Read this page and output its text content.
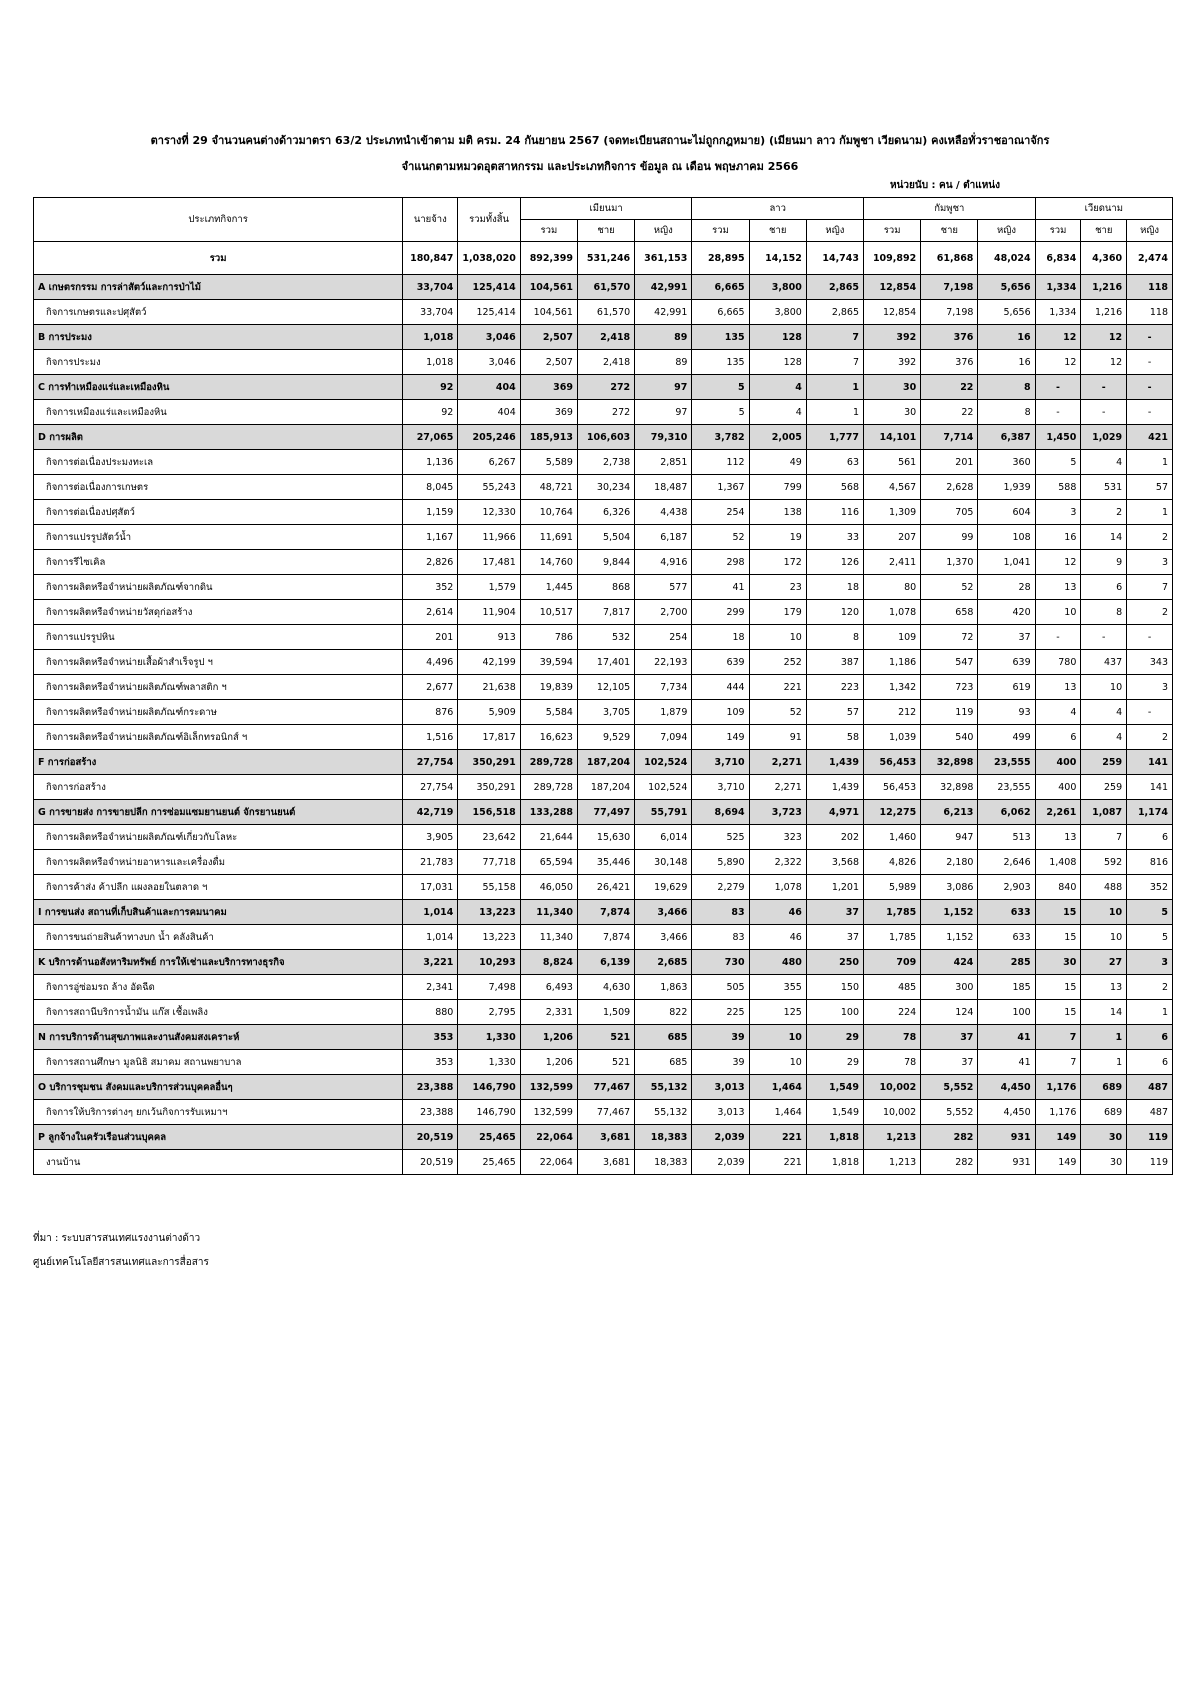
ตารางที่ 29 จำนวนคนต่างด้าวมาตรา 63/2 ประเภทนำเข้าตาม มติ ครม. 24 กันยายน 2567 (จดทะเบียนสถานะไม่ถูกกฎหมาย) (เมียนมา ลาว กัมพูชา เวียดนาม) คงเหลือทั่วราชอาณาจักร
จำแนกตามหมวดอุตสาหกรรม และประเภทกิจการ ข้อมูล ณ เดือน พฤษภาคม 2566
หน่วยนับ : คน / ตำแหน่ง
ประเภทกิจการ	นายจ้าง	รวมทั้งสิ้น	เมียนมา			ลาว			กัมพูชา			เวียดนาม		
			รวม	ชาย	หญิง	รวม	ชาย	หญิง	รวม	ชาย	หญิง	รวม	ชาย	หญิง
รวม	180,847	1,038,020	892,399	531,246	361,153	28,895	14,152	14,743	109,892	61,868	48,024	6,834	4,360	2,474
A เกษตรกรรม การล่าสัตว์และการป่าไม้	33,704	125,414	104,561	61,570	42,991	6,665	3,800	2,865	12,854	7,198	5,656	1,334	1,216	118
กิจการเกษตรและปศุสัตว์	33,704	125,414	104,561	61,570	42,991	6,665	3,800	2,865	12,854	7,198	5,656	1,334	1,216	118
B การประมง	1,018	3,046	2,507	2,418	89	135	128	7	392	376	16	12	12	-
กิจการประมง	1,018	3,046	2,507	2,418	89	135	128	7	392	376	16	12	12	-
C การทำเหมืองแร่และเหมืองหิน	92	404	369	272	97	5	4	1	30	22	8	-	-	-
กิจการเหมืองแร่และเหมืองหิน	92	404	369	272	97	5	4	1	30	22	8	-	-	-
D การผลิต	27,065	205,246	185,913	106,603	79,310	3,782	2,005	1,777	14,101	7,714	6,387	1,450	1,029	421
กิจการต่อเนื่องประมงทะเล	1,136	6,267	5,589	2,738	2,851	112	49	63	561	201	360	5	4	1
กิจการต่อเนื่องการเกษตร	8,045	55,243	48,721	30,234	18,487	1,367	799	568	4,567	2,628	1,939	588	531	57
กิจการต่อเนื่องปศุสัตว์	1,159	12,330	10,764	6,326	4,438	254	138	116	1,309	705	604	3	2	1
กิจการแปรรูปสัตว์น้ำ	1,167	11,966	11,691	5,504	6,187	52	19	33	207	99	108	16	14	2
กิจการรีไซเคิล	2,826	17,481	14,760	9,844	4,916	298	172	126	2,411	1,370	1,041	12	9	3
กิจการผลิตหรือจำหน่ายผลิตภัณฑ์จากดิน	352	1,579	1,445	868	577	41	23	18	80	52	28	13	6	7
กิจการผลิตหรือจำหน่ายวัสดุก่อสร้าง	2,614	11,904	10,517	7,817	2,700	299	179	120	1,078	658	420	10	8	2
กิจการแปรรูปหิน	201	913	786	532	254	18	10	8	109	72	37	-	-	-
กิจการผลิตหรือจำหน่ายเสื้อผ้าสำเร็จรูป ฯ	4,496	42,199	39,594	17,401	22,193	639	252	387	1,186	547	639	780	437	343
กิจการผลิตหรือจำหน่ายผลิตภัณฑ์พลาสติก ฯ	2,677	21,638	19,839	12,105	7,734	444	221	223	1,342	723	619	13	10	3
กิจการผลิตหรือจำหน่ายผลิตภัณฑ์กระดาษ	876	5,909	5,584	3,705	1,879	109	52	57	212	119	93	4	4	-
กิจการผลิตหรือจำหน่ายผลิตภัณฑ์อิเล็กทรอนิกส์ ฯ	1,516	17,817	16,623	9,529	7,094	149	91	58	1,039	540	499	6	4	2
F การก่อสร้าง	27,754	350,291	289,728	187,204	102,524	3,710	2,271	1,439	56,453	32,898	23,555	400	259	141
กิจการก่อสร้าง	27,754	350,291	289,728	187,204	102,524	3,710	2,271	1,439	56,453	32,898	23,555	400	259	141
G การขายส่ง การขายปลีก การซ่อมแซมยานยนต์ จักรยานยนต์	42,719	156,518	133,288	77,497	55,791	8,694	3,723	4,971	12,275	6,213	6,062	2,261	1,087	1,174
กิจการผลิตหรือจำหน่ายผลิตภัณฑ์เกี่ยวกับโลหะ	3,905	23,642	21,644	15,630	6,014	525	323	202	1,460	947	513	13	7	6
กิจการผลิตหรือจำหน่ายอาหารและเครื่องดื่ม	21,783	77,718	65,594	35,446	30,148	5,890	2,322	3,568	4,826	2,180	2,646	1,408	592	816
กิจการค้าส่ง ค้าปลีก แผงลอยในตลาด ฯ	17,031	55,158	46,050	26,421	19,629	2,279	1,078	1,201	5,989	3,086	2,903	840	488	352
I การขนส่ง สถานที่เก็บสินค้าและการคมนาคม	1,014	13,223	11,340	7,874	3,466	83	46	37	1,785	1,152	633	15	10	5
กิจการขนถ่ายสินค้าทางบก น้ำ คลังสินค้า	1,014	13,223	11,340	7,874	3,466	83	46	37	1,785	1,152	633	15	10	5
K บริการด้านอสังหาริมทรัพย์ การให้เช่าและบริการทางธุรกิจ	3,221	10,293	8,824	6,139	2,685	730	480	250	709	424	285	30	27	3
กิจการอู่ซ่อมรถ ล้าง อัดฉีด	2,341	7,498	6,493	4,630	1,863	505	355	150	485	300	185	15	13	2
กิจการสถานีบริการน้ำมัน แก๊ส เชื้อเพลิง	880	2,795	2,331	1,509	822	225	125	100	224	124	100	15	14	1
N การบริการด้านสุขภาพและงานสังคมสงเคราะห์	353	1,330	1,206	521	685	39	10	29	78	37	41	7	1	6
กิจการสถานศึกษา มูลนิธิ สมาคม สถานพยาบาล	353	1,330	1,206	521	685	39	10	29	78	37	41	7	1	6
O บริการชุมชน สังคมและบริการส่วนบุคคลอื่นๆ	23,388	146,790	132,599	77,467	55,132	3,013	1,464	1,549	10,002	5,552	4,450	1,176	689	487
กิจการให้บริการต่างๆ ยกเว้นกิจการรับเหมาฯ	23,388	146,790	132,599	77,467	55,132	3,013	1,464	1,549	10,002	5,552	4,450	1,176	689	487
P ลูกจ้างในครัวเรือนส่วนบุคคล	20,519	25,465	22,064	3,681	18,383	2,039	221	1,818	1,213	282	931	149	30	119
งานบ้าน	20,519	25,465	22,064	3,681	18,383	2,039	221	1,818	1,213	282	931	149	30	119
ที่มา : ระบบสารสนเทศแรงงานต่างด้าว
ศูนย์เทคโนโลยีสารสนเทศและการสื่อสาร
